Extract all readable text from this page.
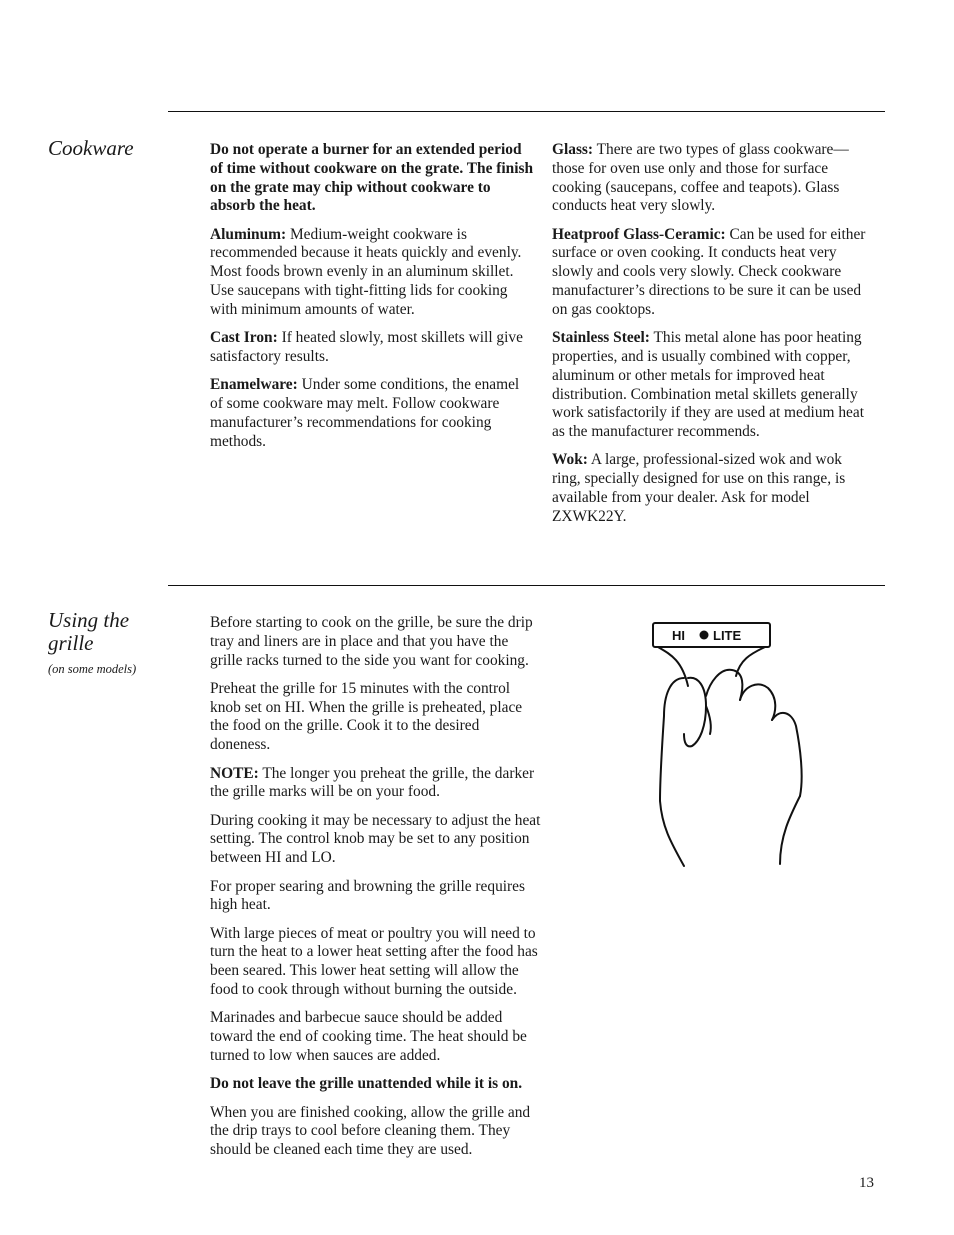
Cookware	Do not operate a burner for an extended period of time without cookware on the grate. The finish on the grate may chip without cookware to absorb the heat.

Aluminum: Medium-weight cookware is recommended because it heats quickly and evenly. Most foods brown evenly in an aluminum skillet. Use saucepans with tight-fitting lids for cooking with minimum amounts of water.

Cast Iron: If heated slowly, most skillets will give satisfactory results.

Enamelware: Under some conditions, the enamel of some cookware may melt. Follow cookware manufacturer’s recommendations for cooking methods.

Glass: There are two types of glass cookware—those for oven use only and those for surface cooking (saucepans, coffee and teapots). Glass conducts heat very slowly.

Heatproof Glass-Ceramic: Can be used for either surface or oven cooking. It conducts heat very slowly and cools very slowly. Check cookware manufacturer’s directions to be sure it can be used on gas cooktops.

Stainless Steel: This metal alone has poor heating properties, and is usually combined with copper, aluminum or other metals for improved heat distribution. Combination metal skillets generally work satisfactorily if they are used at medium heat as the manufacturer recommends.

Wok: A large, professional-sized wok and wok ring, specially designed for use on this range, is available from your dealer. Ask for model ZXWK22Y.

Using the grille
(on some models)

Before starting to cook on the grille, be sure the drip tray and liners are in place and that you have the grille racks turned to the side you want for cooking.

Preheat the grille for 15 minutes with the control knob set on HI. When the grille is preheated, place the food on the grille. Cook it to the desired doneness.

NOTE: The longer you preheat the grille, the darker the grille marks will be on your food.

During cooking it may be necessary to adjust the heat setting. The control knob may be set to any position between HI and LO.

For proper searing and browning the grille requires high heat.

With large pieces of meat or poultry you will need to turn the heat to a lower heat setting after the food has been seared. This lower heat setting will allow the food to cook through without burning the outside.

Marinades and barbecue sauce should be added toward the end of cooking time. The heat should be turned to low when sauces are added.

Do not leave the grille unattended while it is on.

When you are finished cooking, allow the grille and the drip trays to cool before cleaning them. They should be cleaned each time they are used.

HI LITE
13
